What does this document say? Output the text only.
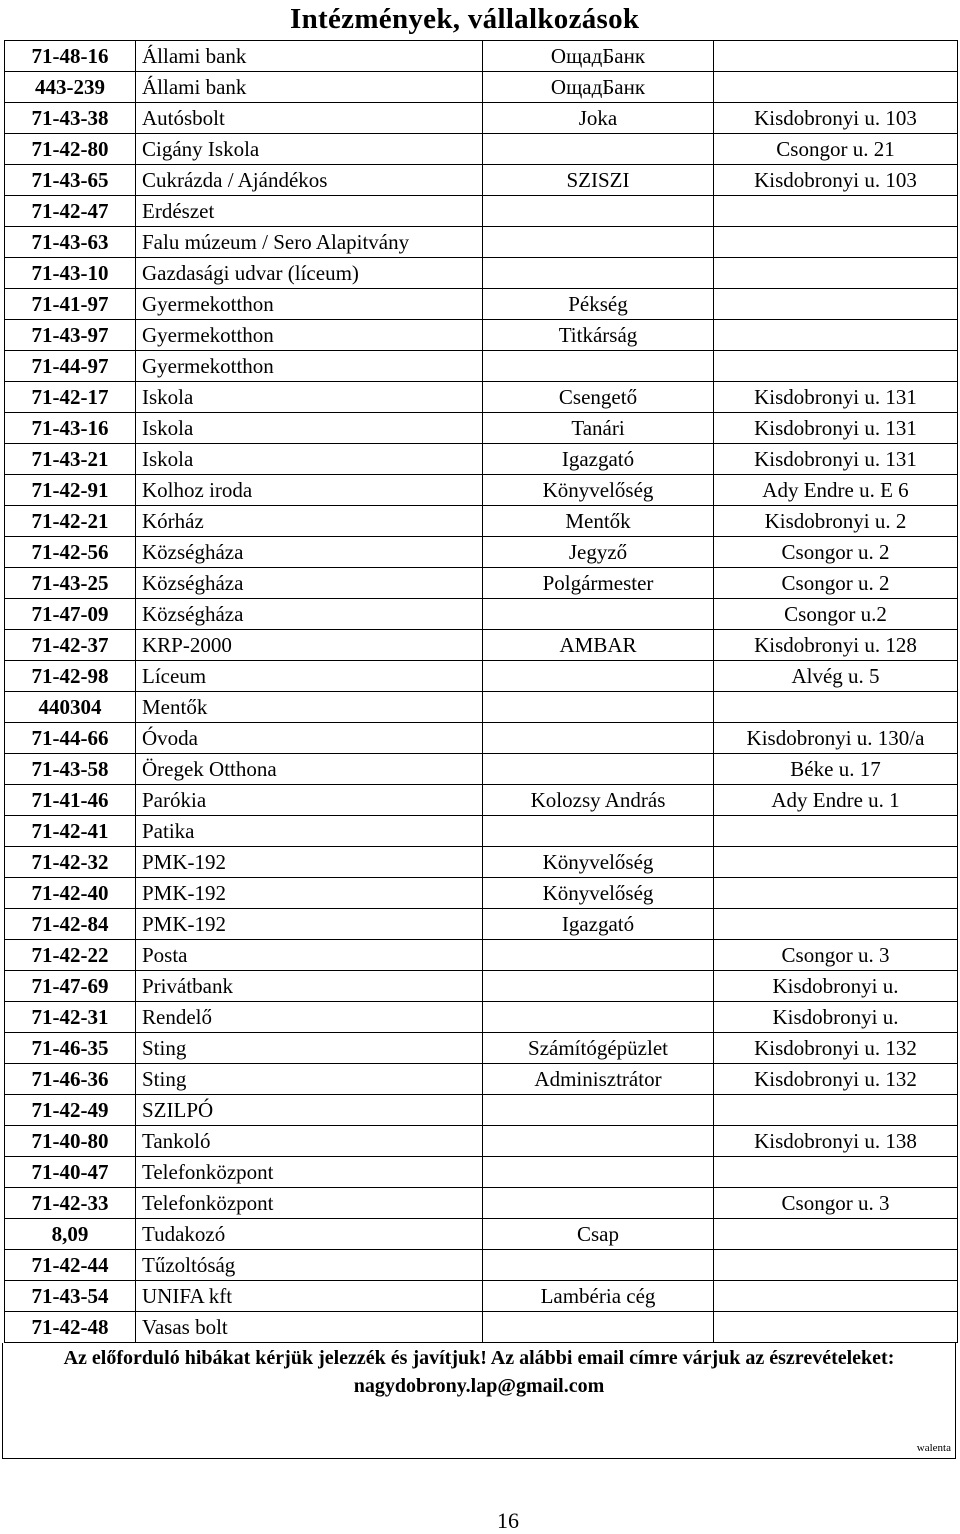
Intézmények, vállalkozások
71-48-16	Állami bank	ОщадБанк	
443-239	Állami bank	ОщадБанк	
71-43-38	Autósbolt	Joka	Kisdobronyi u. 103
71-42-80	Cigány Iskola		Csongor u. 21
71-43-65	Cukrázda / Ajándékos	SZISZI	Kisdobronyi u. 103
71-42-47	Erdészet		
71-43-63	Falu múzeum / Sero Alapitvány		
71-43-10	Gazdasági udvar (líceum)		
71-41-97	Gyermekotthon	Pékség	
71-43-97	Gyermekotthon	Titkárság	
71-44-97	Gyermekotthon		
71-42-17	Iskola	Csengető	Kisdobronyi u. 131
71-43-16	Iskola	Tanári	Kisdobronyi u. 131
71-43-21	Iskola	Igazgató	Kisdobronyi u. 131
71-42-91	Kolhoz iroda	Könyvelőség	Ady Endre u. E 6
71-42-21	Kórház	Mentők	Kisdobronyi u. 2
71-42-56	Községháza	Jegyző	Csongor u. 2
71-43-25	Községháza	Polgármester	Csongor u. 2
71-47-09	Községháza		Csongor u.2
71-42-37	KRP-2000	AMBAR	Kisdobronyi u. 128
71-42-98	Líceum		Alvég u. 5
440304	Mentők		
71-44-66	Óvoda		Kisdobronyi u. 130/a
71-43-58	Öregek Otthona		Béke u. 17
71-41-46	Parókia	Kolozsy András	Ady Endre u. 1
71-42-41	Patika		
71-42-32	PMK-192	Könyvelőség	
71-42-40	PMK-192	Könyvelőség	
71-42-84	PMK-192	Igazgató	
71-42-22	Posta		Csongor u. 3
71-47-69	Privátbank		Kisdobronyi u.
71-42-31	Rendelő		Kisdobronyi u.
71-46-35	Sting	Számítógépüzlet	Kisdobronyi u. 132
71-46-36	Sting	Adminisztrátor	Kisdobronyi u. 132
71-42-49	SZILPÓ		
71-40-80	Tankoló		Kisdobronyi u. 138
71-40-47	Telefonközpont		
71-42-33	Telefonközpont		Csongor u. 3
8,09	Tudakozó	Csap	
71-42-44	Tűzoltóság		
71-43-54	UNIFA kft	Lambéria cég	
71-42-48	Vasas bolt		
Az előforduló hibákat kérjük jelezzék és javítjuk! Az alábbi email címre várjuk az észrevételeket:
nagydobrony.lap@gmail.com
walenta
16
